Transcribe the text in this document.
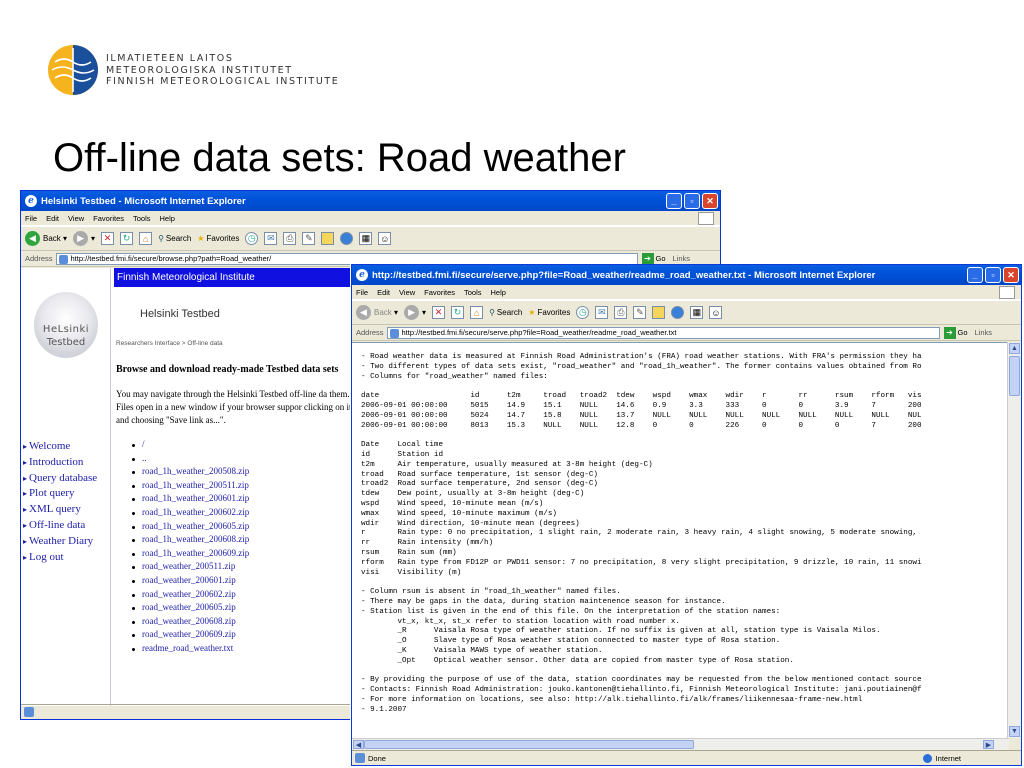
ILMATIETEEN LAITOS
METEOROLOGISKA INSTITUTET
FINNISH METEOROLOGICAL INSTITUTE
Off-line data sets: Road weather
e Helsinki Testbed - Microsoft Internet Explorer	_	▫	✕
File Edit View Favorites Tools Help
◀ Back ▾	▶ ▾ ✕	↻	⌂	⚲ Search ★ Favorites ◷	✉	⎙	✎	▦ ☺
Address	http://testbed.fmi.fi/secure/browse.php?path=Road_weather/	➔ Go Links
Finnish Meteorological Institute
HeLsinki
Testbed
▸ Welcome
▸ Introduction
▸ Query database
▸ Plot query
▸ XML query
▸ Off-line data
▸ Weather Diary
▸ Log out
Helsinki Testbed
Researchers Interface > Off-line data
Browse and download ready-made Testbed data sets
You may navigate through the Helsinki Testbed off-line da them. Files open in a new window if your browser suppor clicking on it and choosing "Save link as...".
/
..
road_1h_weather_200508.zip
road_1h_weather_200511.zip
road_1h_weather_200601.zip
road_1h_weather_200602.zip
road_1h_weather_200605.zip
road_1h_weather_200608.zip
road_1h_weather_200609.zip
road_weather_200511.zip
road_weather_200601.zip
road_weather_200602.zip
road_weather_200605.zip
road_weather_200608.zip
road_weather_200609.zip
readme_road_weather.txt
e http://testbed.fmi.fi/secure/serve.php?file=Road_weather/readme_road_weather.txt - Microsoft Internet Explorer	_	▫	✕
File Edit View Favorites Tools Help
◀ Back ▾	▶ ▾ ✕	↻	⌂	⚲ Search ★ Favorites ◷	✉	⎙	✎	▦ ☺
Address	http://testbed.fmi.fi/secure/serve.php?file=Road_weather/readme_road_weather.txt	➔ Go Links
- Road weather data is measured at Finnish Road Administration's (FRA) road weather stations. With FRA's permission they ha
- Two different types of data sets exist, "road_weather" and "road_1h_weather". The former contains values obtained from Ro
- Columns for "road_weather" named files:

date                    id      t2m     troad   troad2  tdew    wspd    wmax    wdir    r       rr      rsum    rform   vis
2006-09-01 00:00:00     5015    14.9    15.1    NULL    14.6    0.9     3.3     333     0       0       3.9     7       200
2006-09-01 00:00:00     5024    14.7    15.8    NULL    13.7    NULL    NULL    NULL    NULL    NULL    NULL    NULL    NUL
2006-09-01 00:00:00     8013    15.3    NULL    NULL    12.8    0       0       226     0       0       0       7       200

Date    Local time
id      Station id
t2m     Air temperature, usually measured at 3-8m height (deg-C)
troad   Road surface temperature, 1st sensor (deg-C)
troad2  Road surface temperature, 2nd sensor (deg-C)
tdew    Dew point, usually at 3-8m height (deg-C)
wspd    Wind speed, 10-minute mean (m/s)
wmax    Wind speed, 10-minute maximum (m/s)
wdir    Wind direction, 10-minute mean (degrees)
r       Rain type: 0 no precipitation, 1 slight rain, 2 moderate rain, 3 heavy rain, 4 slight snowing, 5 moderate snowing,
rr      Rain intensity (mm/h)
rsum    Rain sum (mm)
rform   Rain type from FD12P or PWD11 sensor: 7 no precipitation, 8 very slight precipitation, 9 drizzle, 10 rain, 11 snowi
visi    Visibility (m)

- Column rsum is absent in "road_1h_weather" named files.
- There may be gaps in the data, during station maintenence season for instance.
- Station list is given in the end of this file. On the interpretation of the station names:
vt_x, kt_x, st_x refer to station location with road number x.
_R      Vaisala Rosa type of weather station. If no suffix is given at all, station type is Vaisala Milos.
_O      Slave type of Rosa weather station connected to master type of Rosa station.
_K      Vaisala MAWS type of weather station.
_Opt    Optical weather sensor. Other data are copied from master type of Rosa station.

- By providing the purpose of use of the data, station coordinates may be requested from the below mentioned contact source
- Contacts: Finnish Road Administration: jouko.kantonen@tiehallinto.fi, Finnish Meteorological Institute: jani.poutiainen@f
- For more information on locations, see also: http://alk.tiehallinto.fi/alk/frames/liikennesaa-frame-new.html
- 9.1.2007
▲
▼
◀	▶
Done	Internet
